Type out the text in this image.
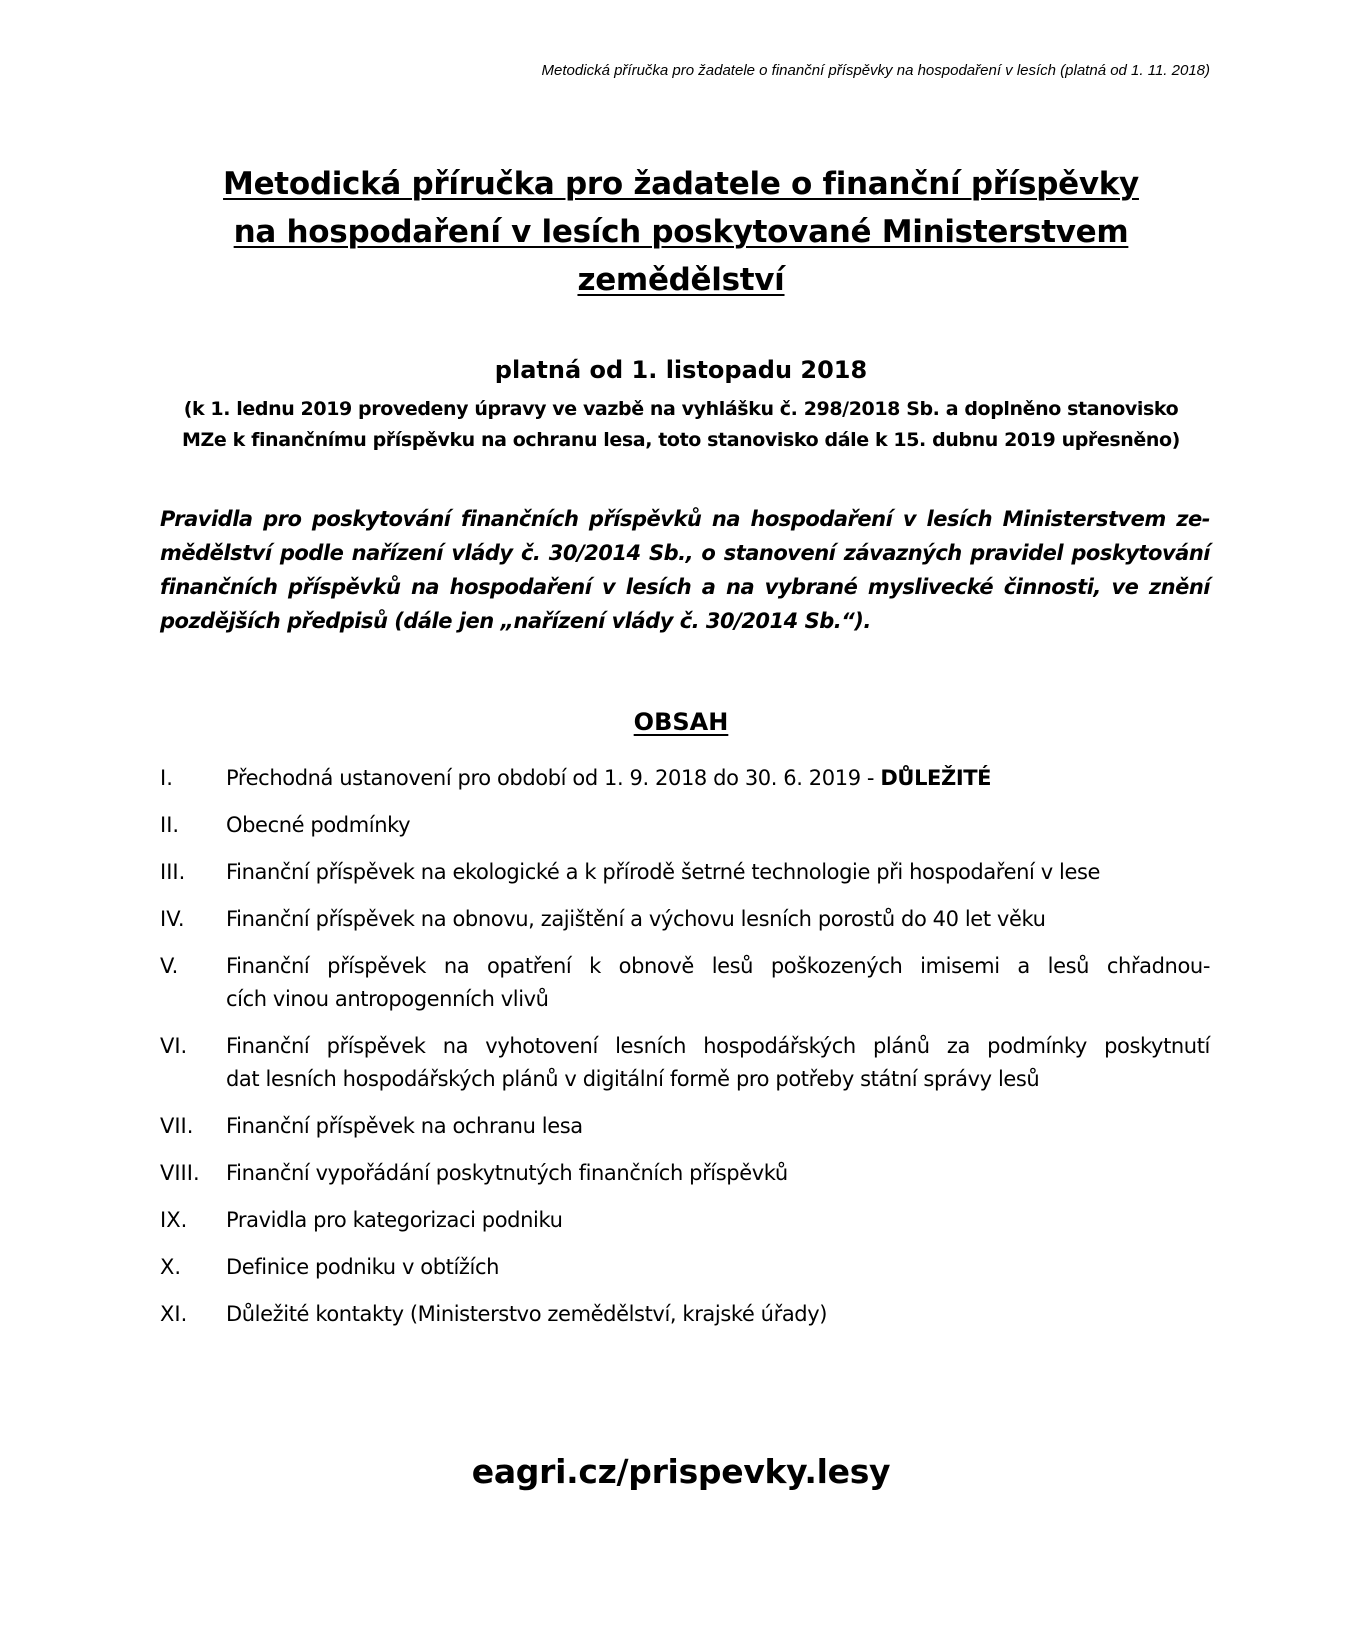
Metodická příručka pro žadatele o finanční příspěvky na hospodaření v lesích (platná od 1. 11. 2018)
Metodická příručka pro žadatele o finanční příspěvky
na hospodaření v lesích poskytované Ministerstvem
zemědělství
platná od 1. listopadu 2018
(k 1. lednu 2019 provedeny úpravy ve vazbě na vyhlášku č. 298/2018 Sb. a doplněno stanovisko
MZe k finančnímu příspěvku na ochranu lesa, toto stanovisko dále k 15. dubnu 2019 upřesněno)
Pravidla pro poskytování finančních příspěvků na hospodaření v lesích Ministerstvem ze-
mědělství podle nařízení vlády č. 30/2014 Sb., o stanovení závazných pravidel poskytování
finančních příspěvků na hospodaření v lesích a na vybrané myslivecké činnosti, ve znění
pozdějších předpisů (dále jen „nařízení vlády č. 30/2014 Sb.“).
OBSAH
I.	Přechodná ustanovení pro období od 1. 9. 2018 do 30. 6. 2019 - DŮLEŽITÉ
II.	Obecné podmínky
III.	Finanční příspěvek na ekologické a k přírodě šetrné technologie při hospodaření v lese
IV.	Finanční příspěvek na obnovu, zajištění a výchovu lesních porostů do 40 let věku
V.	Finanční příspěvek na opatření k obnově lesů poškozených imisemi a lesů chřadnou-
cích vinou antropogenních vlivů
VI.	Finanční příspěvek na vyhotovení lesních hospodářských plánů za podmínky poskytnutí
dat lesních hospodářských plánů v digitální formě pro potřeby státní správy lesů
VII.	Finanční příspěvek na ochranu lesa
VIII.	Finanční vypořádání poskytnutých finančních příspěvků
IX.	Pravidla pro kategorizaci podniku
X.	Definice podniku v obtížích
XI.	Důležité kontakty (Ministerstvo zemědělství, krajské úřady)
eagri.cz/prispevky.lesy
